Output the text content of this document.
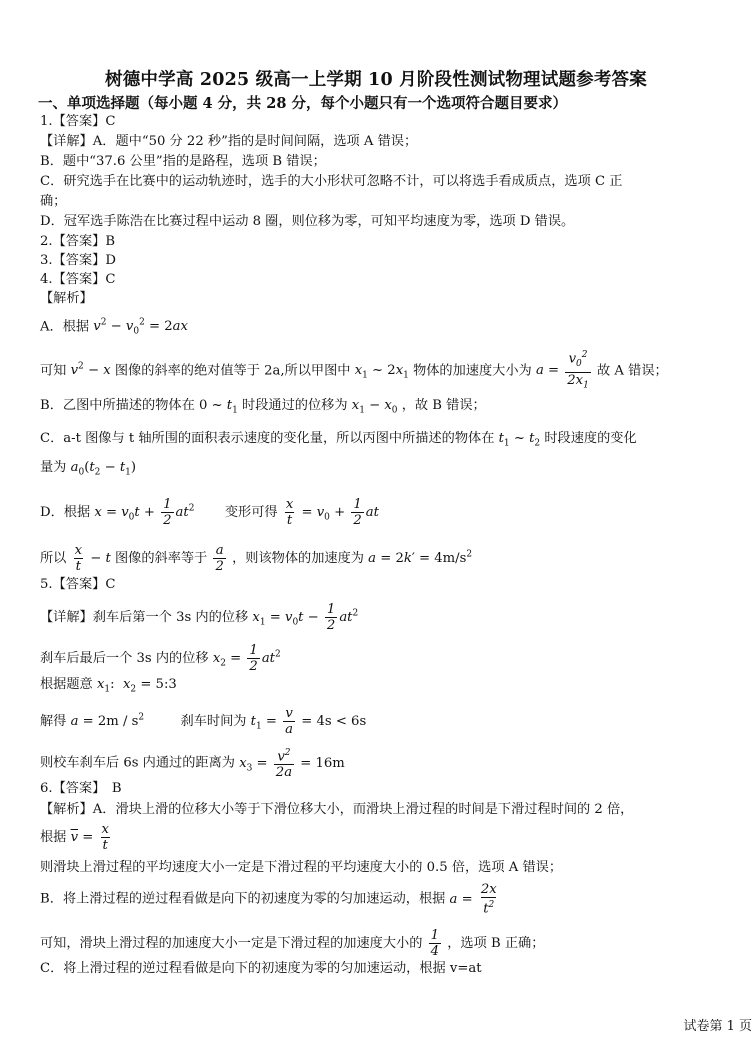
树德中学高 2025 级高一上学期 10 月阶段性测试物理试题参考答案
一、单项选择题（每小题 4 分，共 28 分，每个小题只有一个选项符合题目要求）
1.【答案】C
【详解】A．题中“50 分 22 秒”指的是时间间隔，选项 A 错误；
B．题中“37.6 公里”指的是路程，选项 B 错误；
C．研究选手在比赛中的运动轨迹时，选手的大小形状可忽略不计，可以将选手看成质点，选项 C 正
确；
D．冠军选手陈浩在比赛过程中运动 8 圈，则位移为零，可知平均速度为零，选项 D 错误。
2.【答案】B
3.【答案】D
4.【答案】C
【解析】
A．根据 $v^2 - v_0^2 = 2ax$
可知 $v^2 - x$ 图像的斜率的绝对值等于 2a,所以甲图中 $x_1$ ~ $2x_1$ 物体的加速度大小为 $a = \frac{v_0^2}{2x_1}$ 故 A 错误；
B．乙图中所描述的物体在 0 ~ $t_1$ 时段通过的位移为 $x_1 - x_0$ ，故 B 错误；
C．a-t 图像与 t 轴所围的面积表示速度的变化量，所以丙图中所描述的物体在 $t_1$ ~ $t_2$ 时段速度的变化
量为 $a_0(t_2 - t_1)$
D．根据 $x = v_0t + \frac{1}{2} at^2$ 变形可得 $\frac{x}{t} = v_0 + \frac{1}{2}$ at
所以 $\frac{x}{t} - t$ 图像的斜率等于 $\frac{a}{2}$ ，则该物体的加速度为 $a = 2k' = 4m/s^2$
5.【答案】C
【详解】刹车后第一个 3s 内的位移 $x_1 = v_0t - \frac{1}{2} at^2$
刹车后最后一个 3s 内的位移 $x_2 = \frac{1}{2} at^2$
根据题意 $x_1$:  $x_2$ = 5:3
解得 $a = 2m / s^2$	刹车时间为 $t_1 = \frac{v}{a} = 4s < 6s$
则校车刹车后 6s 内通过的距离为 $x_3 = \frac{v^2}{2a} = 16m$
6.【答案】　B
【解析】A．滑块上滑的位移大小等于下滑位移大小，而滑块上滑过程的时间是下滑过程时间的 2 倍，
根据 $\overline{v} = \frac{x}{t}$
则滑块上滑过程的平均速度大小一定是下滑过程的平均速度大小的 0.5 倍，选项 A 错误；
B．将上滑过程的逆过程看做是向下的初速度为零的匀加速运动，根据 $a = \frac{2x}{t^2}$
可知，滑块上滑过程的加速度大小一定是下滑过程的加速度大小的 $\frac{1}{4}$ ，选项 B 正确；
C．将上滑过程的逆过程看做是向下的初速度为零的匀加速运动，根据 v=at
试卷第 1 页
